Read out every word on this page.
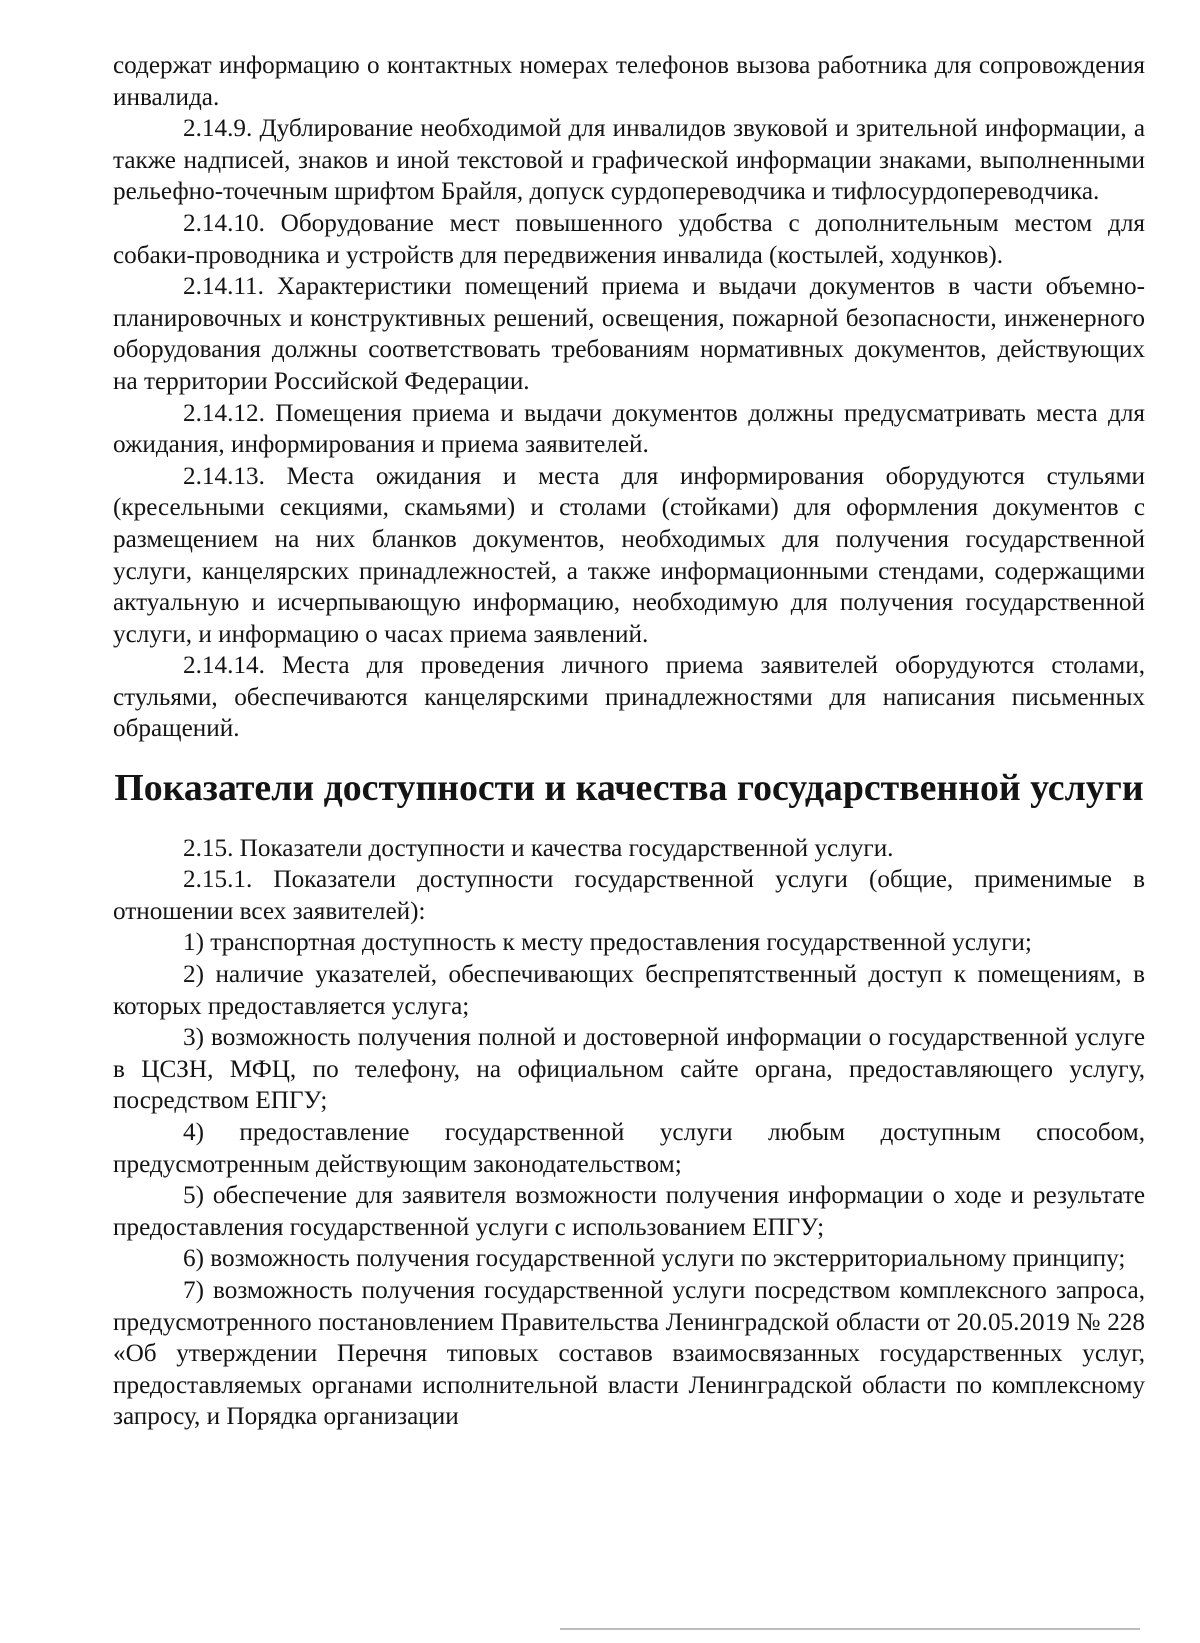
содержат информацию о контактных номерах телефонов вызова работника для сопровождения инвалида.

2.14.9. Дублирование необходимой для инвалидов звуковой и зрительной информации, а также надписей, знаков и иной текстовой и графической информации знаками, выполненными рельефно-точечным шрифтом Брайля, допуск сурдопереводчика и тифлосурдопереводчика.

2.14.10. Оборудование мест повышенного удобства с дополнительным местом для собаки-проводника и устройств для передвижения инвалида (костылей, ходунков).

2.14.11. Характеристики помещений приема и выдачи документов в части объемно-планировочных и конструктивных решений, освещения, пожарной безопасности, инженерного оборудования должны соответствовать требованиям нормативных документов, действующих на территории Российской Федерации.

2.14.12. Помещения приема и выдачи документов должны предусматривать места для ожидания, информирования и приема заявителей.

2.14.13. Места ожидания и места для информирования оборудуются стульями (кресельными секциями, скамьями) и столами (стойками) для оформления документов с размещением на них бланков документов, необходимых для получения государственной услуги, канцелярских принадлежностей, а также информационными стендами, содержащими актуальную и исчерпывающую информацию, необходимую для получения государственной услуги, и информацию о часах приема заявлений.

2.14.14. Места для проведения личного приема заявителей оборудуются столами, стульями, обеспечиваются канцелярскими принадлежностями для написания письменных обращений.

Показатели доступности и качества государственной услуги

2.15. Показатели доступности и качества государственной услуги.

2.15.1. Показатели доступности государственной услуги (общие, применимые в отношении всех заявителей):

1) транспортная доступность к месту предоставления государственной услуги;

2) наличие указателей, обеспечивающих беспрепятственный доступ к помещениям, в которых предоставляется услуга;

3) возможность получения полной и достоверной информации о государственной услуге в ЦСЗН, МФЦ, по телефону, на официальном сайте органа, предоставляющего услугу, посредством ЕПГУ;

4) предоставление государственной услуги любым доступным способом, предусмотренным действующим законодательством;

5) обеспечение для заявителя возможности получения информации о ходе и результате предоставления государственной услуги с использованием ЕПГУ;

6) возможность получения государственной услуги по экстерриториальному принципу;

7) возможность получения государственной услуги посредством комплексного запроса, предусмотренного постановлением Правительства Ленинградской области от 20.05.2019 № 228 «Об утверждении Перечня типовых составов взаимосвязанных государственных услуг, предоставляемых органами исполнительной власти Ленинградской области по комплексному запросу, и Порядка организации
